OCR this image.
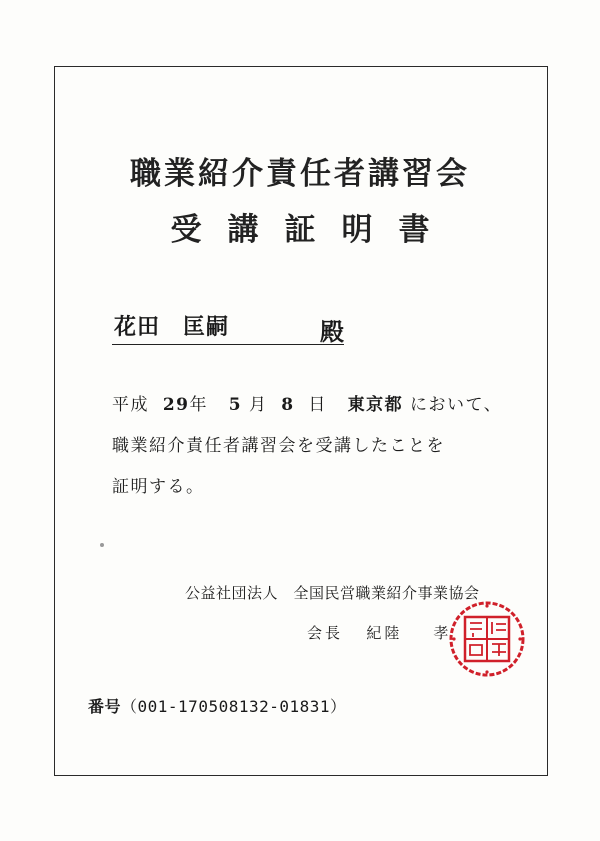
職業紹介責任者講習会
受講証明書
花田　匡嗣	殿
平成 29年 5 月 8 日 東京都 において、
職業紹介責任者講習会を受講したことを
証明する。
公益社団法人　全国民営職業紹介事業協会
会長 紀陸 孝
番号（001-170508132-01831）
